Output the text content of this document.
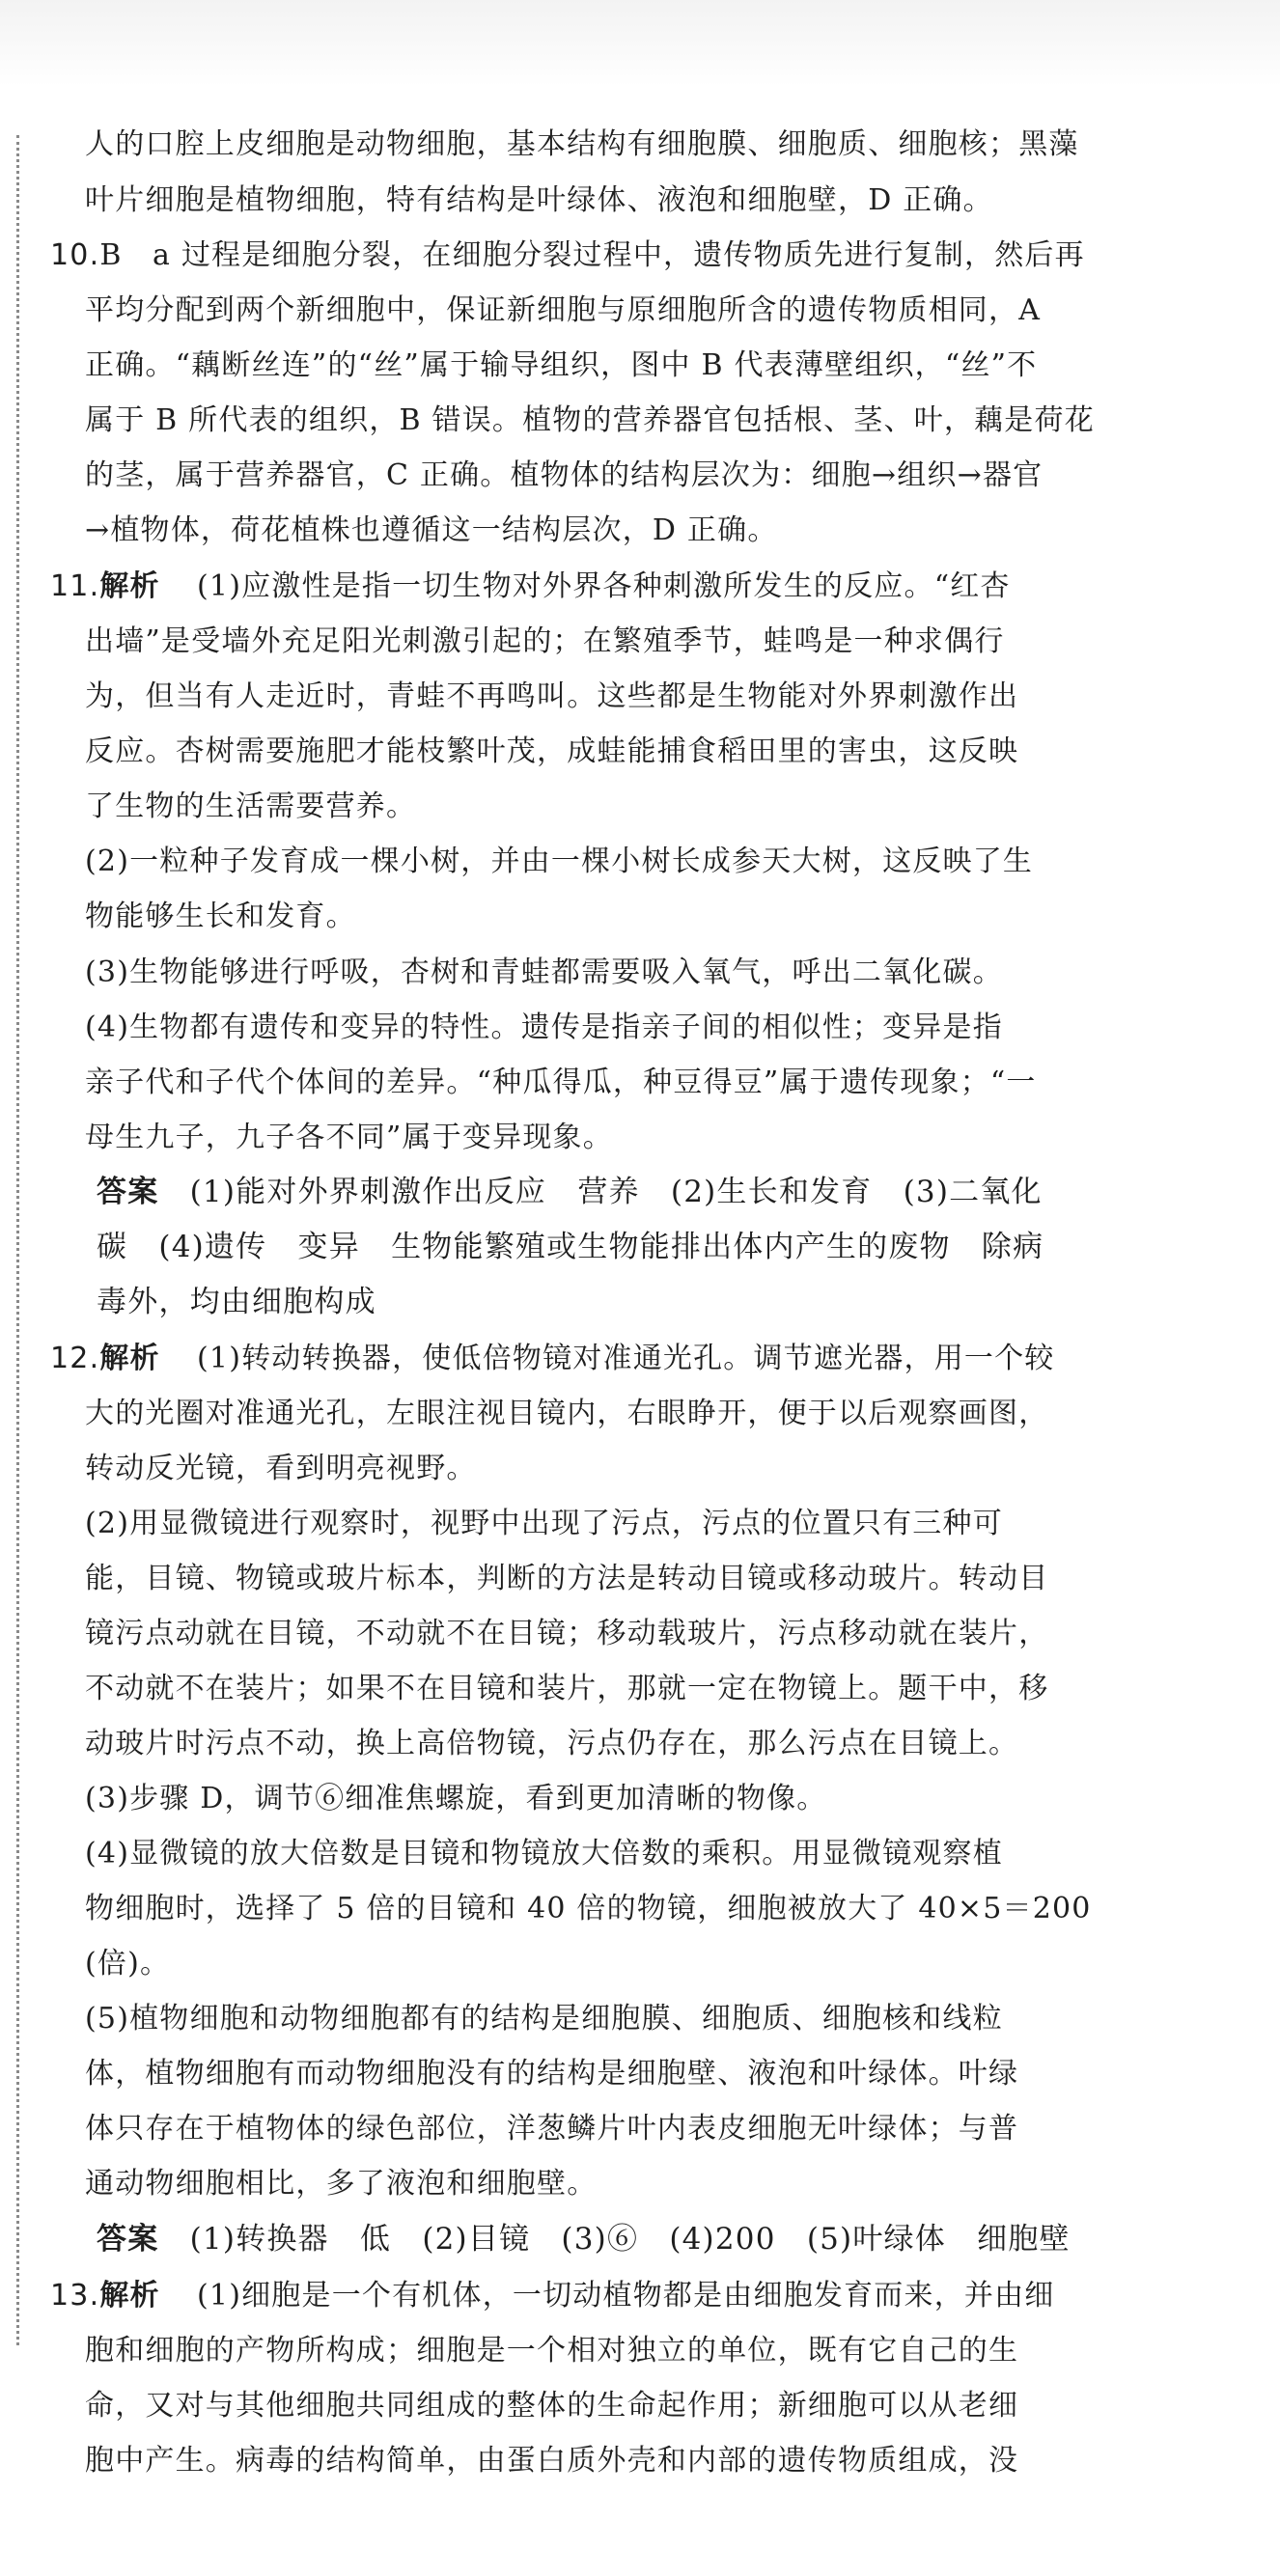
人的口腔上皮细胞是动物细胞，基本结构有细胞膜、细胞质、细胞核；黑藻
叶片细胞是植物细胞，特有结构是叶绿体、液泡和细胞壁，D 正确。
10.B a 过程是细胞分裂，在细胞分裂过程中，遗传物质先进行复制，然后再
平均分配到两个新细胞中，保证新细胞与原细胞所含的遗传物质相同，A
正确。“藕断丝连”的“丝”属于输导组织，图中 B 代表薄壁组织，“丝”不
属于 B 所代表的组织，B 错误。植物的营养器官包括根、茎、叶，藕是荷花
的茎，属于营养器官，C 正确。植物体的结构层次为：细胞→组织→器官
→植物体，荷花植株也遵循这一结构层次，D 正确。
11.解析 (1)应激性是指一切生物对外界各种刺激所发生的反应。“红杏
出墙”是受墙外充足阳光刺激引起的；在繁殖季节，蛙鸣是一种求偶行
为，但当有人走近时，青蛙不再鸣叫。这些都是生物能对外界刺激作出
反应。杏树需要施肥才能枝繁叶茂，成蛙能捕食稻田里的害虫，这反映
了生物的生活需要营养。
(2)一粒种子发育成一棵小树，并由一棵小树长成参天大树，这反映了生
物能够生长和发育。
(3)生物能够进行呼吸，杏树和青蛙都需要吸入氧气，呼出二氧化碳。
(4)生物都有遗传和变异的特性。遗传是指亲子间的相似性；变异是指
亲子代和子代个体间的差异。“种瓜得瓜，种豆得豆”属于遗传现象；“一
母生九子，九子各不同”属于变异现象。
答案　 (1)能对外界刺激作出反应　营养　(2)生长和发育　(3)二氧化
碳　(4)遗传　变异　生物能繁殖或生物能排出体内产生的废物　除病
毒外，均由细胞构成
12.解析 (1)转动转换器，使低倍物镜对准通光孔。调节遮光器，用一个较
大的光圈对准通光孔，左眼注视目镜内，右眼睁开，便于以后观察画图，
转动反光镜，看到明亮视野。
(2)用显微镜进行观察时，视野中出现了污点，污点的位置只有三种可
能，目镜、物镜或玻片标本，判断的方法是转动目镜或移动玻片。转动目
镜污点动就在目镜，不动就不在目镜；移动载玻片，污点移动就在装片，
不动就不在装片；如果不在目镜和装片，那就一定在物镜上。题干中，移
动玻片时污点不动，换上高倍物镜，污点仍存在，那么污点在目镜上。
(3)步骤 D，调节⑥细准焦螺旋，看到更加清晰的物像。
(4)显微镜的放大倍数是目镜和物镜放大倍数的乘积。用显微镜观察植
物细胞时，选择了 5 倍的目镜和 40 倍的物镜，细胞被放大了 40×5＝200
(倍)。
(5)植物细胞和动物细胞都有的结构是细胞膜、细胞质、细胞核和线粒
体，植物细胞有而动物细胞没有的结构是细胞壁、液泡和叶绿体。叶绿
体只存在于植物体的绿色部位，洋葱鳞片叶内表皮细胞无叶绿体；与普
通动物细胞相比，多了液泡和细胞壁。
答案　 (1)转换器　低　(2)目镜　(3)⑥　(4)200　(5)叶绿体　细胞壁
13.解析 (1)细胞是一个有机体，一切动植物都是由细胞发育而来，并由细
胞和细胞的产物所构成；细胞是一个相对独立的单位，既有它自己的生
命，又对与其他细胞共同组成的整体的生命起作用；新细胞可以从老细
胞中产生。病毒的结构简单，由蛋白质外壳和内部的遗传物质组成，没
